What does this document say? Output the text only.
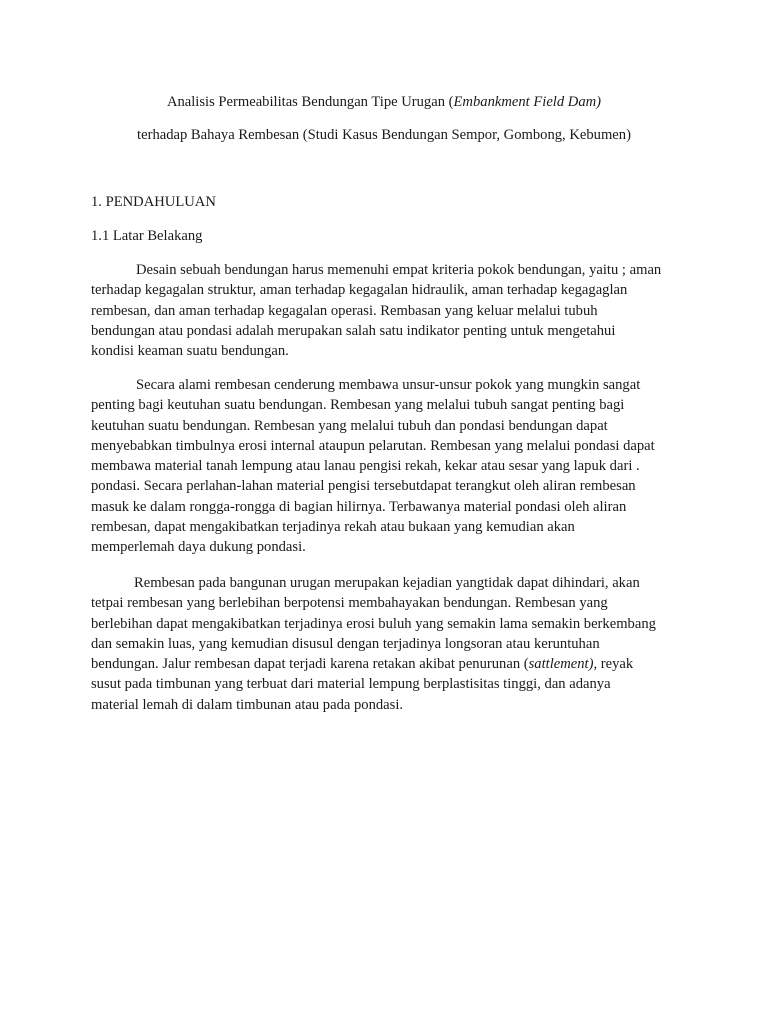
Analisis Permeabilitas Bendungan Tipe Urugan (Embankment Field Dam)
terhadap Bahaya Rembesan (Studi Kasus Bendungan Sempor, Gombong, Kebumen)
1. PENDAHULUAN
1.1 Latar Belakang
Desain sebuah bendungan harus memenuhi empat kriteria pokok bendungan, yaitu ; aman
terhadap kegagalan struktur, aman terhadap kegagalan hidraulik, aman terhadap kegagaglan
rembesan, dan aman terhadap kegagalan operasi. Rembasan yang keluar melalui tubuh
bendungan atau pondasi adalah merupakan salah satu indikator penting untuk mengetahui
kondisi keaman suatu bendungan.
Secara alami rembesan cenderung membawa unsur-unsur pokok yang mungkin sangat
penting bagi keutuhan suatu bendungan. Rembesan yang melalui tubuh sangat penting bagi
keutuhan suatu bendungan. Rembesan yang melalui tubuh dan pondasi bendungan dapat
menyebabkan timbulnya erosi internal ataupun pelarutan. Rembesan yang melalui pondasi dapat
membawa material tanah lempung atau lanau pengisi rekah, kekar atau sesar yang lapuk dari .
pondasi. Secara perlahan-lahan material pengisi tersebutdapat terangkut oleh aliran rembesan
masuk ke dalam rongga-rongga di bagian hilirnya. Terbawanya material pondasi oleh aliran
rembesan, dapat mengakibatkan terjadinya rekah atau bukaan yang kemudian akan
memperlemah daya dukung pondasi.
Rembesan pada bangunan urugan merupakan kejadian yangtidak dapat dihindari, akan
tetpai rembesan yang berlebihan berpotensi membahayakan bendungan. Rembesan yang
berlebihan dapat mengakibatkan terjadinya erosi buluh yang semakin lama semakin berkembang
dan semakin luas, yang kemudian disusul dengan terjadinya longsoran atau keruntuhan
bendungan. Jalur rembesan dapat terjadi karena retakan akibat penurunan (sattlement), reyak
susut pada timbunan yang terbuat dari material lempung berplastisitas tinggi, dan adanya
material lemah di dalam timbunan atau pada pondasi.
